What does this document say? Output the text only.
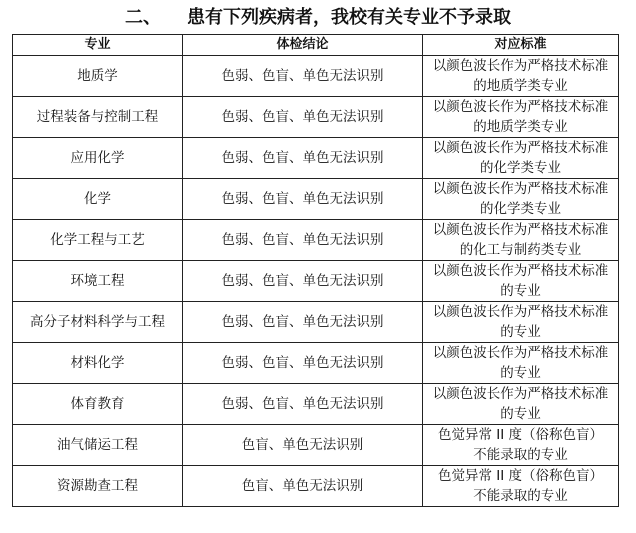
二、 患有下列疾病者，我校有关专业不予录取
专业	体检结论	对应标准
地质学	色弱、色盲、单色无法识别	以颜色波长作为严格技术标准
的地质学类专业

过程装备与控制工程	色弱、色盲、单色无法识别	以颜色波长作为严格技术标准
的地质学类专业

应用化学	色弱、色盲、单色无法识别	以颜色波长作为严格技术标准
的化学类专业

化学	色弱、色盲、单色无法识别	以颜色波长作为严格技术标准
的化学类专业

化学工程与工艺	色弱、色盲、单色无法识别	以颜色波长作为严格技术标准
的化工与制药类专业

环境工程	色弱、色盲、单色无法识别	以颜色波长作为严格技术标准
的专业

高分子材料科学与工程	色弱、色盲、单色无法识别	以颜色波长作为严格技术标准
的专业

材料化学	色弱、色盲、单色无法识别	以颜色波长作为严格技术标准
的专业

体育教育	色弱、色盲、单色无法识别	以颜色波长作为严格技术标准
的专业

油气储运工程	色盲、单色无法识别	色觉异常 II 度（俗称色盲）
不能录取的专业

资源勘查工程	色盲、单色无法识别	色觉异常 II 度（俗称色盲）
不能录取的专业
